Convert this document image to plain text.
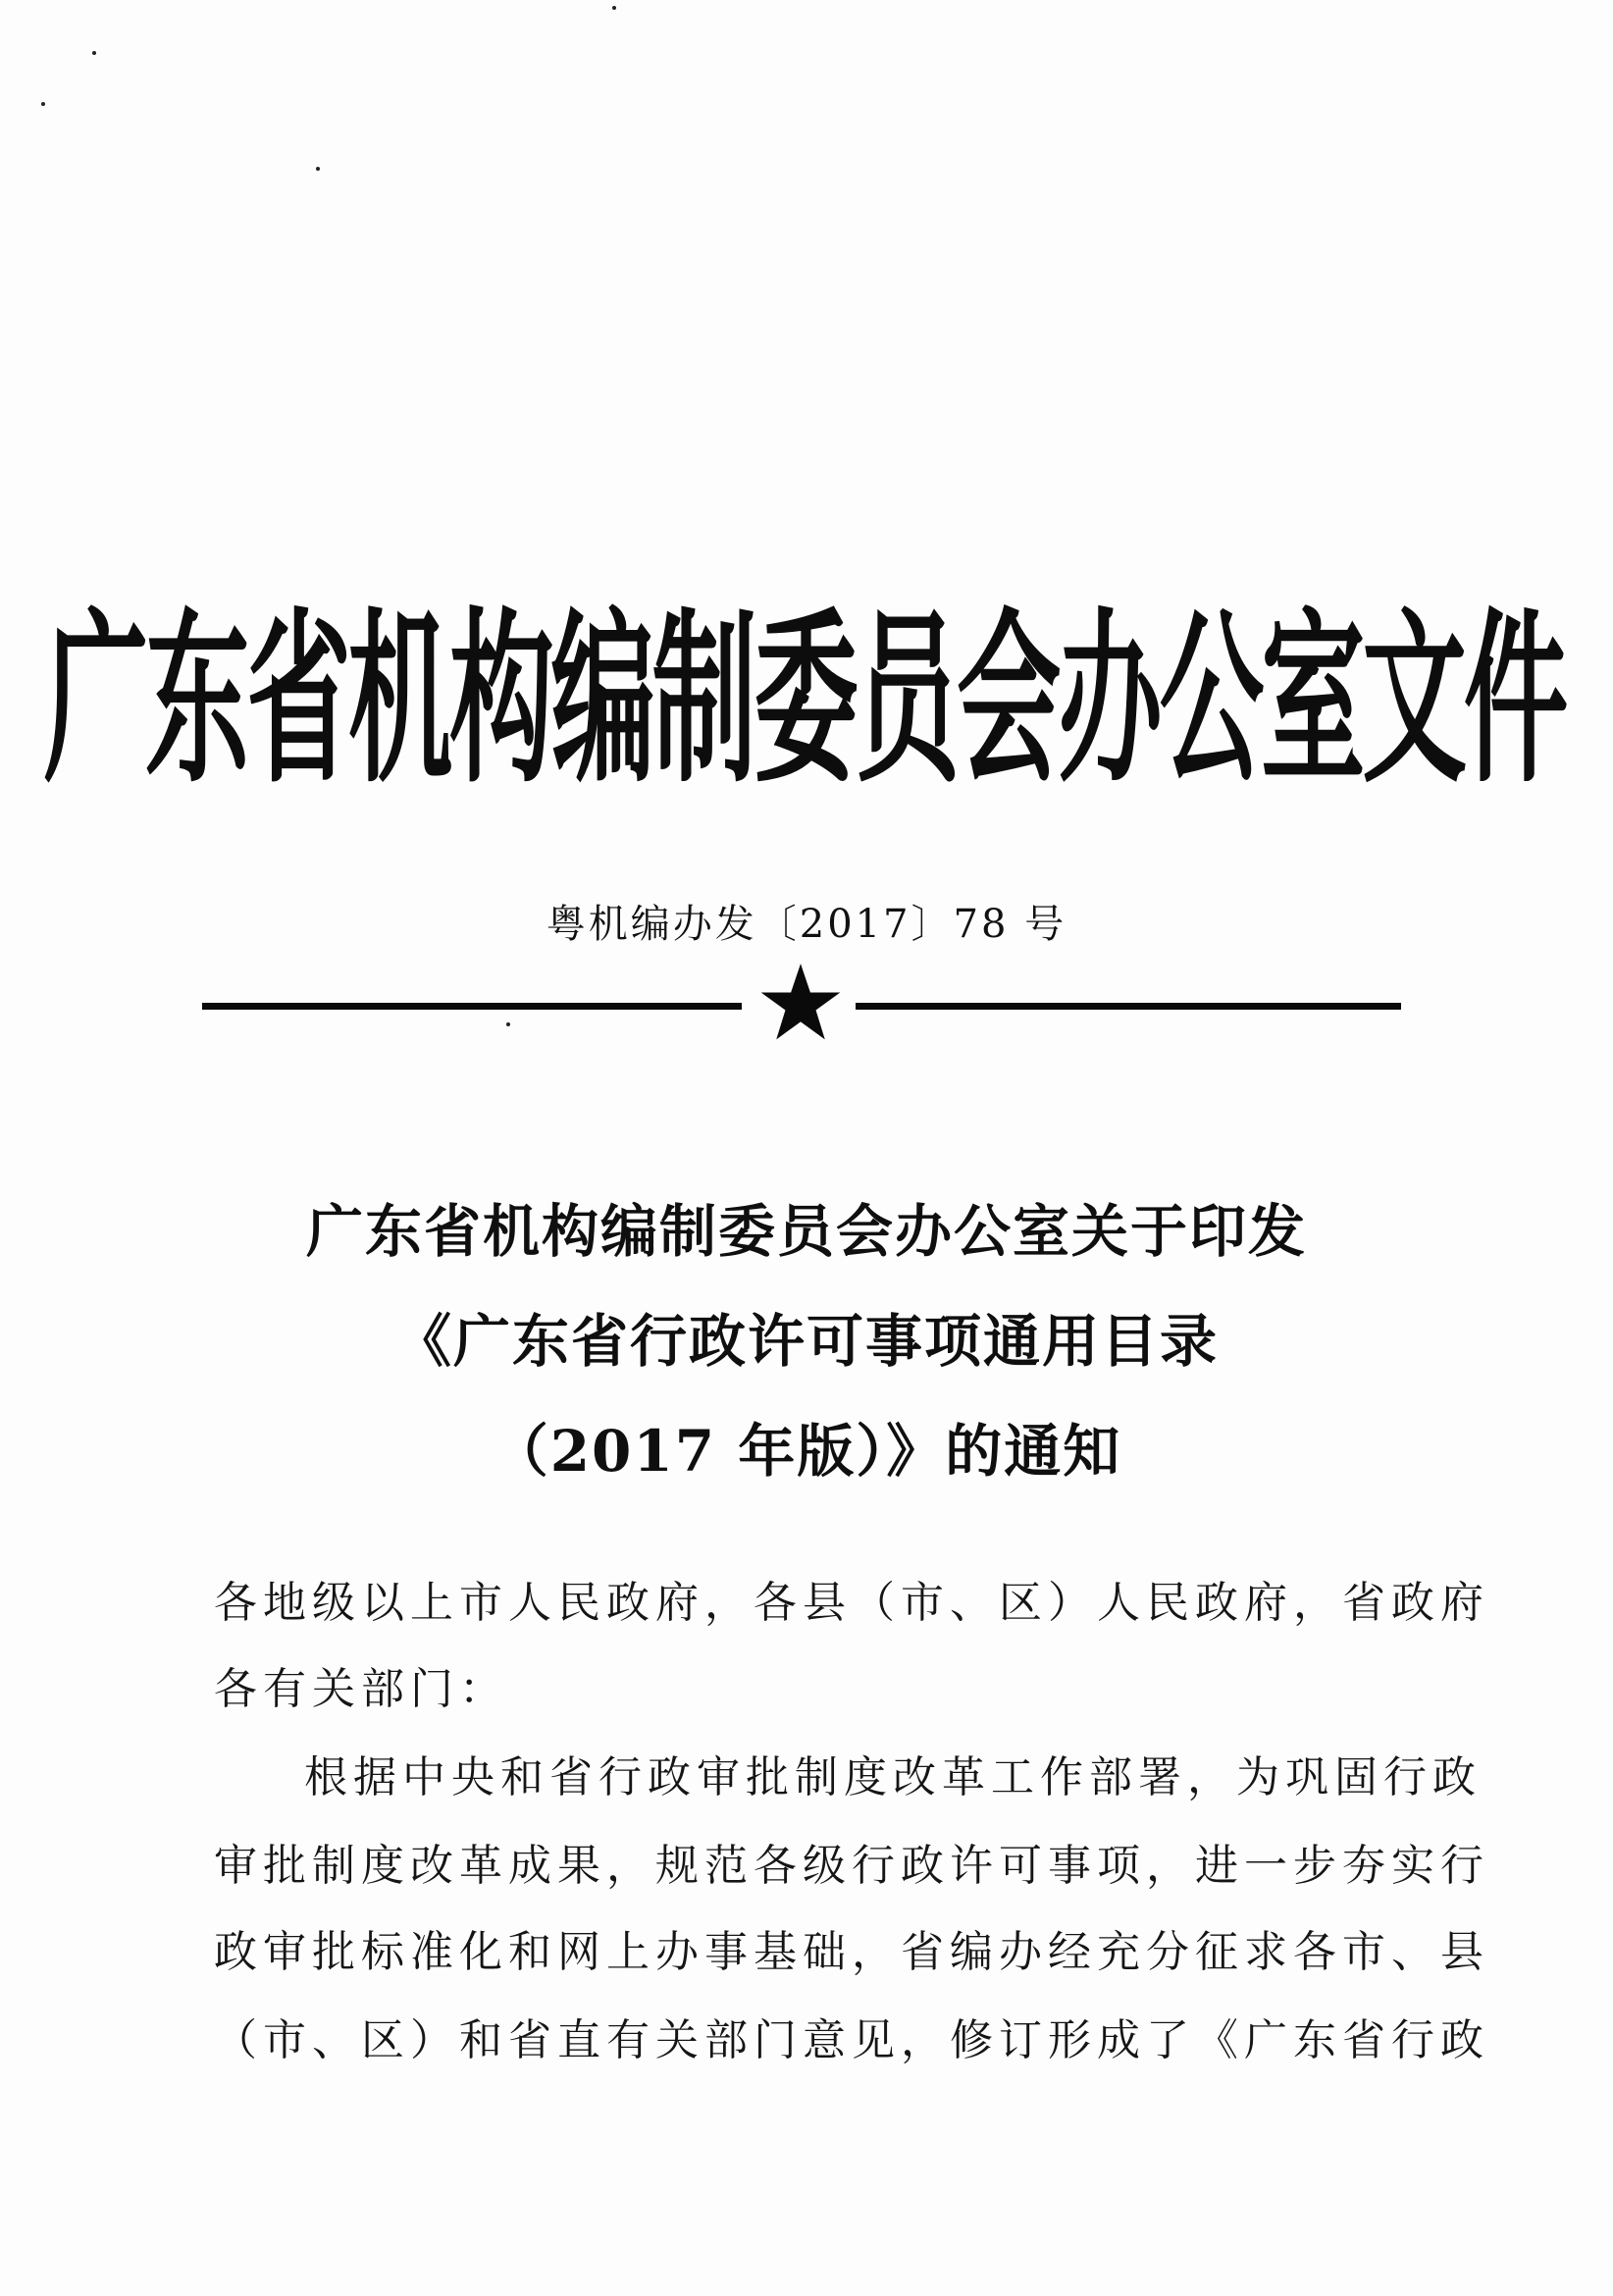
广东省机构编制委员会办公室文件
粤机编办发〔2017〕78 号
广东省机构编制委员会办公室关于印发
《广东省行政许可事项通用目录
（2017 年版）》的通知
各地级以上市人民政府，各县（市、区）人民政府，省政府
各有关部门：
根据中央和省行政审批制度改革工作部署，为巩固行政
审批制度改革成果，规范各级行政许可事项，进一步夯实行
政审批标准化和网上办事基础，省编办经充分征求各市、县
（市、区）和省直有关部门意见，修订形成了《广东省行政
